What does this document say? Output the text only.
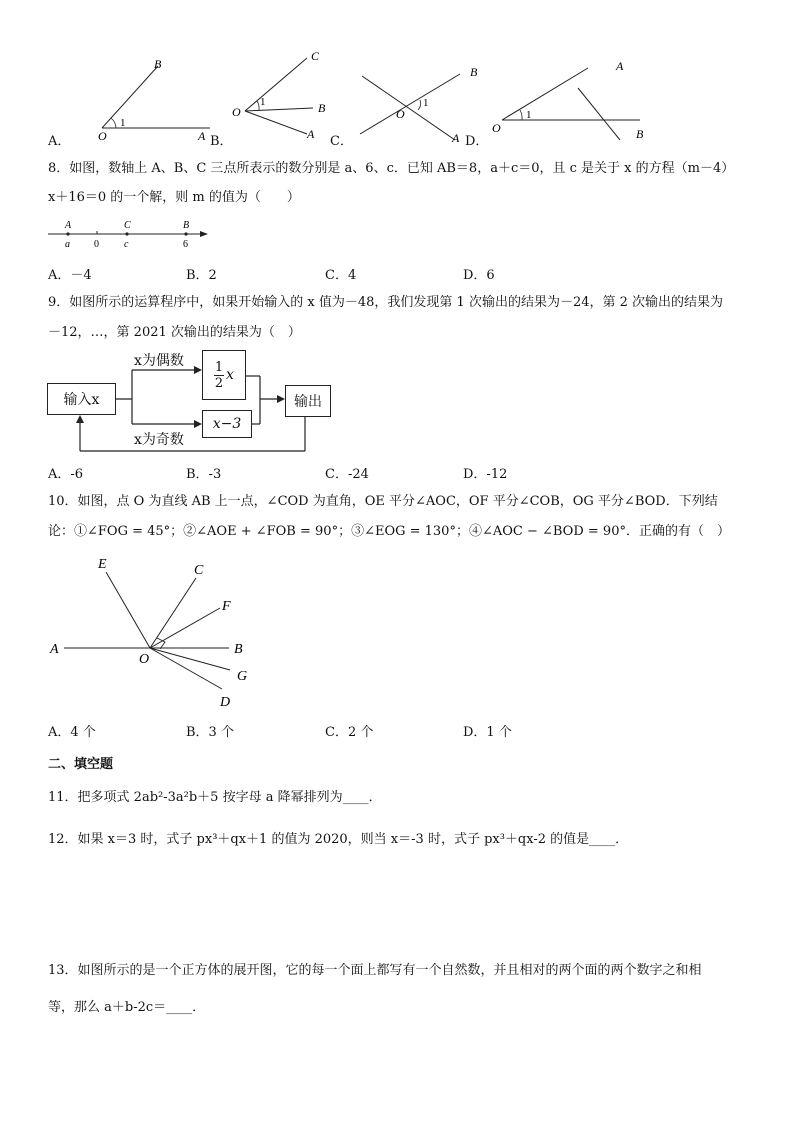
B
O	A
1
C
O
1	B
A
B
1
O
A
A
O
1
B
A．	B．	C．	D．
8．如图，数轴上 A、B、C 三点所表示的数分别是 a、6、c．已知 AB＝8，a＋c＝0，且 c 是关于 x 的方程（m－4）
x＋16＝0 的一个解，则 m 的值为（　　）
A	C	B
a 0	c	6
A．－4	B．2	C．4	D．6
9．如图所示的运算程序中，如果开始输入的 x 值为－48，我们发现第 1 次输出的结果为－24，第 2 次输出的结果为
－12，…，第 2021 次输出的结果为（　）
输入x
x为偶数 1
2 x
x−3
x为奇数
输出
A．-6	B．-3	C．-24	D．-12
10．如图，点 O 为直线 AB 上一点，∠COD 为直角，OE 平分∠AOC，OF 平分∠COB，OG 平分∠BOD．下列结
论：①∠FOG = 45°；②∠AOE + ∠FOB = 90°；③∠EOG = 130°；④∠AOC − ∠BOD = 90°．正确的有（　）
E	C
F
A	B
O
G
D
A．4 个	B．3 个	C．2 个	D．1 个
二、填空题
11．把多项式 2ab²-3a²b＋5 按字母 a 降幂排列为____．
12．如果 x＝3 时，式子 px³＋qx＋1 的值为 2020，则当 x＝-3 时，式子 px³＋qx-2 的值是____．
13．如图所示的是一个正方体的展开图，它的每一个面上都写有一个自然数，并且相对的两个面的两个数字之和相
等，那么 a＋b-2c＝____．
